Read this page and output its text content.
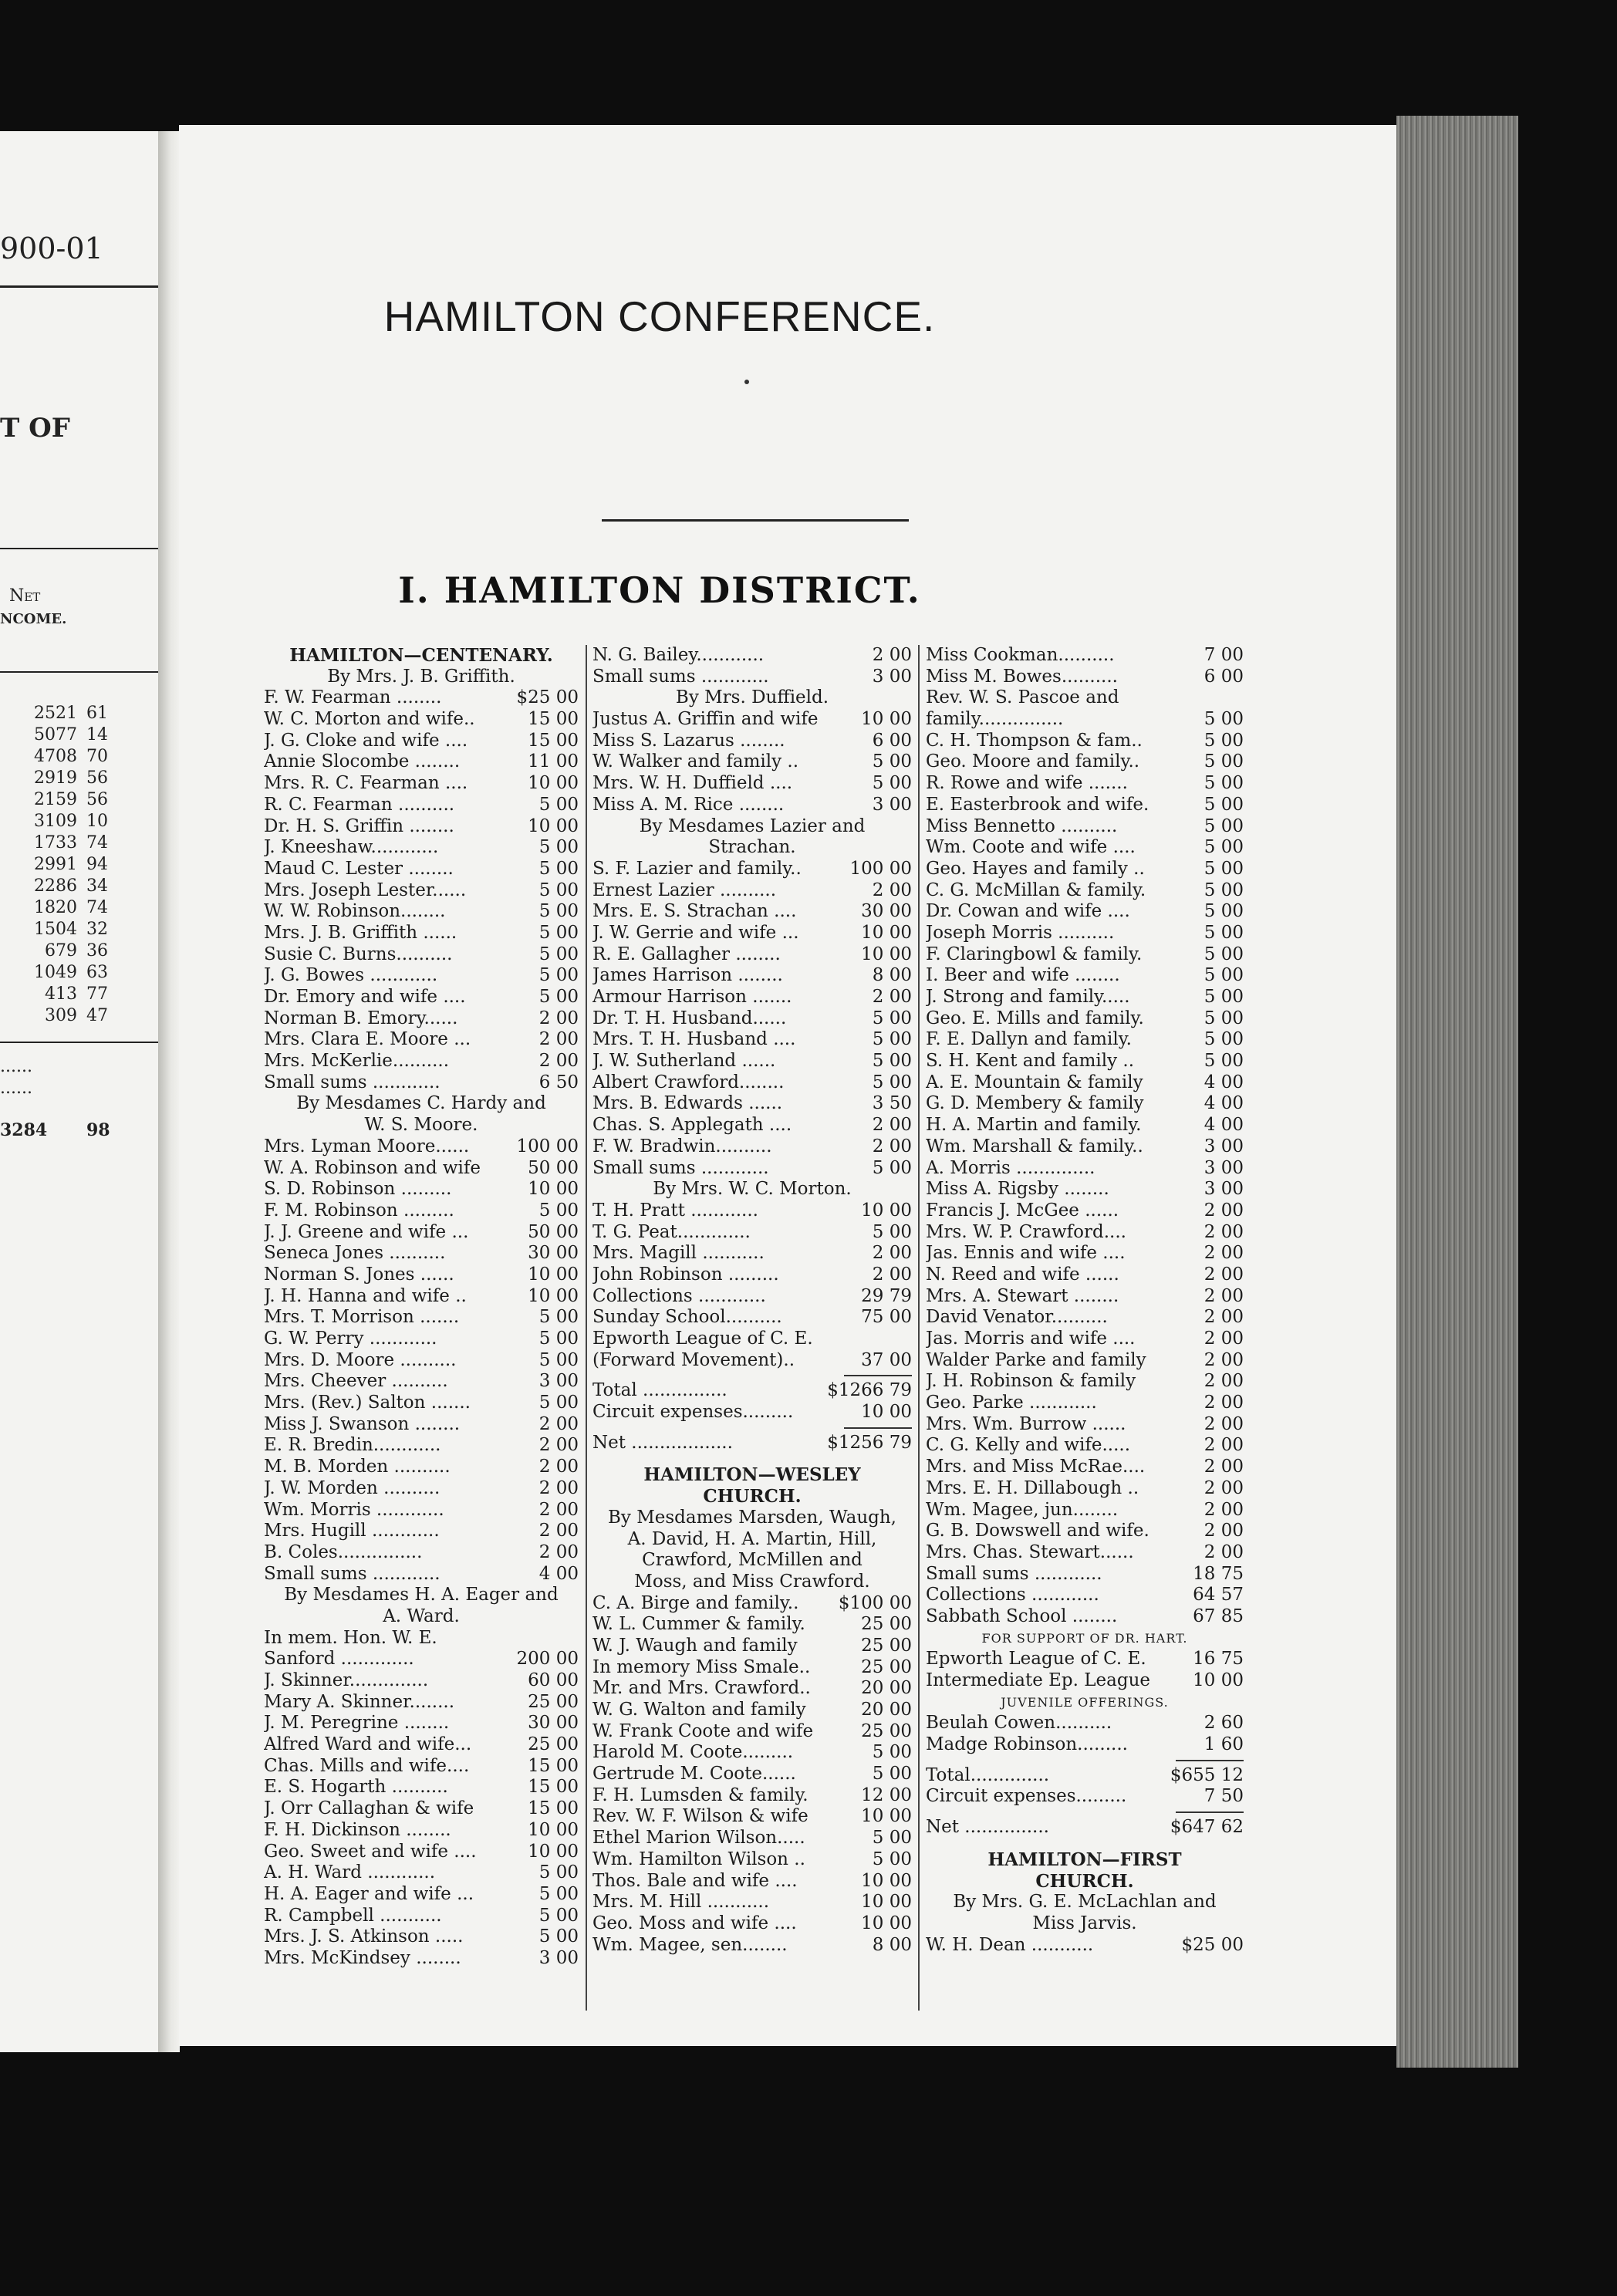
900-01
T OF
Net
NCOME.
2521 61
5077 14
4708 70
2919 56
2159 56
3109 10
1733 74
2991 94
2286 34
1820 74
1504 32
679 36
1049 63
413 77
309 47
......
......
3284 98
HAMILTON CONFERENCE.
I. HAMILTON DISTRICT.
HAMILTON—CENTENARY.
By Mrs. J. B. Griffith.
F. W. Fearman ........	$25 00
W. C. Morton and wife..	15 00
J. G. Cloke and wife ....	15 00
Annie Slocombe ........	11 00
Mrs. R. C. Fearman ....	10 00
R. C. Fearman ..........	5 00
Dr. H. S. Griffin ........	10 00
J. Kneeshaw............	5 00
Maud C. Lester ........	5 00
Mrs. Joseph Lester......	5 00
W. W. Robinson........	5 00
Mrs. J. B. Griffith ......	5 00
Susie C. Burns..........	5 00
J. G. Bowes ............	5 00
Dr. Emory and wife ....	5 00
Norman B. Emory......	2 00
Mrs. Clara E. Moore ...	2 00
Mrs. McKerlie..........	2 00
Small sums ............	6 50
By Mesdames C. Hardy and
W. S. Moore.
Mrs. Lyman Moore......	100 00
W. A. Robinson and wife	50 00
S. D. Robinson .........	10 00
F. M. Robinson .........	5 00
J. J. Greene and wife ...	50 00
Seneca Jones ..........	30 00
Norman S. Jones ......	10 00
J. H. Hanna and wife ..	10 00
Mrs. T. Morrison .......	5 00
G. W. Perry ............	5 00
Mrs. D. Moore ..........	5 00
Mrs. Cheever ..........	3 00
Mrs. (Rev.) Salton .......	5 00
Miss J. Swanson ........	2 00
E. R. Bredin............	2 00
M. B. Morden ..........	2 00
J. W. Morden ..........	2 00
Wm. Morris ............	2 00
Mrs. Hugill ............	2 00
B. Coles...............	2 00
Small sums ............	4 00
By Mesdames H. A. Eager and
A. Ward.
In mem. Hon. W. E.
Sanford .............	200 00
J. Skinner..............	60 00
Mary A. Skinner........	25 00
J. M. Peregrine ........	30 00
Alfred Ward and wife...	25 00
Chas. Mills and wife....	15 00
E. S. Hogarth ..........	15 00
J. Orr Callaghan & wife	15 00
F. H. Dickinson ........	10 00
Geo. Sweet and wife ....	10 00
A. H. Ward ............	5 00
H. A. Eager and wife ...	5 00
R. Campbell ...........	5 00
Mrs. J. S. Atkinson .....	5 00
Mrs. McKindsey ........	3 00
N. G. Bailey............	2 00
Small sums ............	3 00
By Mrs. Duffield.
Justus A. Griffin and wife 10 00
Miss S. Lazarus ........	6 00
W. Walker and family ..	5 00
Mrs. W. H. Duffield ....	5 00
Miss A. M. Rice ........	3 00
By Mesdames Lazier and
Strachan.
S. F. Lazier and family..	100 00
Ernest Lazier ..........	2 00
Mrs. E. S. Strachan ....	30 00
J. W. Gerrie and wife ...	10 00
R. E. Gallagher ........	10 00
James Harrison ........	8 00
Armour Harrison .......	2 00
Dr. T. H. Husband......	5 00
Mrs. T. H. Husband ....	5 00
J. W. Sutherland ......	5 00
Albert Crawford........	5 00
Mrs. B. Edwards ......	3 50
Chas. S. Applegath ....	2 00
F. W. Bradwin..........	2 00
Small sums ............	5 00
By Mrs. W. C. Morton.
T. H. Pratt ............	10 00
T. G. Peat.............	5 00
Mrs. Magill ...........	2 00
John Robinson .........	2 00
Collections ............	29 79
Sunday School..........	75 00
Epworth League of C. E.
(Forward Movement)..	37 00
Total ...............	$1266 79
Circuit expenses.........	10 00
Net ..................	$1256 79
HAMILTON—WESLEY
CHURCH.
By Mesdames Marsden, Waugh,
A. David, H. A. Martin, Hill,
Crawford, McMillen and
Moss, and Miss Crawford.
C. A. Birge and family.. $100 00
W. L. Cummer & family.	25 00
W. J. Waugh and family	25 00
In memory Miss Smale..	25 00
Mr. and Mrs. Crawford..	20 00
W. G. Walton and family	20 00
W. Frank Coote and wife	25 00
Harold M. Coote.........	5 00
Gertrude M. Coote......	5 00
F. H. Lumsden & family.	12 00
Rev. W. F. Wilson & wife	10 00
Ethel Marion Wilson.....	5 00
Wm. Hamilton Wilson ..	5 00
Thos. Bale and wife ....	10 00
Mrs. M. Hill ...........	10 00
Geo. Moss and wife ....	10 00
Wm. Magee, sen........	8 00
Miss Cookman..........	7 00
Miss M. Bowes..........	6 00
Rev. W. S. Pascoe and
family...............	5 00
C. H. Thompson & fam..	5 00
Geo. Moore and family..	5 00
R. Rowe and wife .......	5 00
E. Easterbrook and wife.	5 00
Miss Bennetto ..........	5 00
Wm. Coote and wife ....	5 00
Geo. Hayes and family ..	5 00
C. G. McMillan & family.	5 00
Dr. Cowan and wife ....	5 00
Joseph Morris ..........	5 00
F. Claringbowl & family.	5 00
I. Beer and wife ........	5 00
J. Strong and family.....	5 00
Geo. E. Mills and family.	5 00
F. E. Dallyn and family.	5 00
S. H. Kent and family ..	5 00
A. E. Mountain & family	4 00
G. D. Membery & family	4 00
H. A. Martin and family.	4 00
Wm. Marshall & family..	3 00
A. Morris ..............	3 00
Miss A. Rigsby ........	3 00
Francis J. McGee ......	2 00
Mrs. W. P. Crawford....	2 00
Jas. Ennis and wife ....	2 00
N. Reed and wife ......	2 00
Mrs. A. Stewart ........	2 00
David Venator..........	2 00
Jas. Morris and wife ....	2 00
Walder Parke and family	2 00
J. H. Robinson & family	2 00
Geo. Parke ............	2 00
Mrs. Wm. Burrow ......	2 00
C. G. Kelly and wife.....	2 00
Mrs. and Miss McRae....	2 00
Mrs. E. H. Dillabough ..	2 00
Wm. Magee, jun........	2 00
G. B. Dowswell and wife.	2 00
Mrs. Chas. Stewart......	2 00
Small sums ............	18 75
Collections ............	64 57
Sabbath School ........	67 85
FOR SUPPORT OF DR. HART.
Epworth League of C. E.	16 75
Intermediate Ep. League 10 00
JUVENILE OFFERINGS.
Beulah Cowen..........	2 60
Madge Robinson.........	1 60
Total..............	$655 12
Circuit expenses.........	7 50
Net ...............	$647 62
HAMILTON—FIRST
CHURCH.
By Mrs. G. E. McLachlan and
Miss Jarvis.
W. H. Dean ...........	$25 00
